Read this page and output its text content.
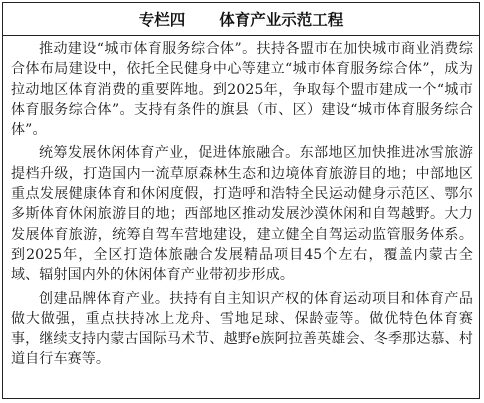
专栏四 体育产业示范工程

推动建设“城市体育服务综合体”。扶持各盟市在加快城市商业消费综合体布局建设中，依托全民健身中心等建立“城市体育服务综合体”，成为拉动地区体育消费的重要阵地。到2025年，争取每个盟市建成一个“城市体育服务综合体”。支持有条件的旗县（市、区）建设“城市体育服务综合体”。

统筹发展休闲体育产业，促进体旅融合。东部地区加快推进冰雪旅游提档升级，打造国内一流草原森林生态和边境体育旅游目的地；中部地区重点发展健康体育和休闲度假，打造呼和浩特全民运动健身示范区、鄂尔多斯体育休闲旅游目的地；西部地区推动发展沙漠休闲和自驾越野。大力发展体育旅游，统筹自驾车营地建设，建立健全自驾运动监管服务体系。到2025年，全区打造体旅融合发展精品项目45个左右，覆盖内蒙古全域、辐射国内外的休闲体育产业带初步形成。

创建品牌体育产业。扶持有自主知识产权的体育运动项目和体育产品做大做强，重点扶持冰上龙舟、雪地足球、保龄壶等。做优特色体育赛事，继续支持内蒙古国际马术节、越野e族阿拉善英雄会、冬季那达慕、村道自行车赛等。
